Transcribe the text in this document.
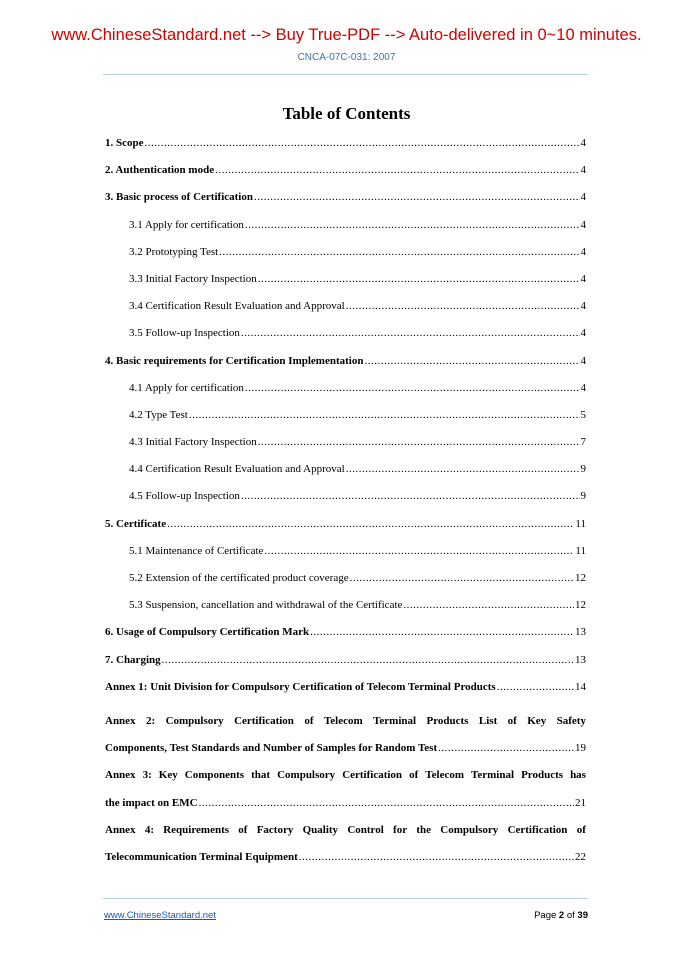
www.ChineseStandard.net --> Buy True-PDF --> Auto-delivered in 0~10 minutes.
CNCA-07C-031: 2007
Table of Contents
1. Scope .....	4
2. Authentication mode .....	4
3. Basic process of Certification .....	4
3.1 Apply for certification .....	4
3.2 Prototyping Test .....	4
3.3 Initial Factory Inspection .....	4
3.4 Certification Result Evaluation and Approval .....	4
3.5 Follow-up Inspection .....	4
4. Basic requirements for Certification Implementation .....	4
4.1 Apply for certification .....	4
4.2 Type Test .....	5
4.3 Initial Factory Inspection .....	7
4.4 Certification Result Evaluation and Approval .....	9
4.5 Follow-up Inspection .....	9
5. Certificate .....	11
5.1 Maintenance of Certificate .....	11
5.2 Extension of the certificated product coverage .....	12
5.3 Suspension, cancellation and withdrawal of the Certificate .....	12
6. Usage of Compulsory Certification Mark .....	13
7. Charging .....	13
Annex 1: Unit Division for Compulsory Certification of Telecom Terminal Products .....	14
Annex 2: Compulsory Certification of Telecom Terminal Products List of Key Safety
Components, Test Standards and Number of Samples for Random Test .....	19
Annex 3: Key Components that Compulsory Certification of Telecom Terminal Products has
the impact on EMC .....	21
Annex 4: Requirements of Factory Quality Control for the Compulsory Certification of
Telecommunication Terminal Equipment .....	22
www.ChineseStandard.net	Page 2 of 39
